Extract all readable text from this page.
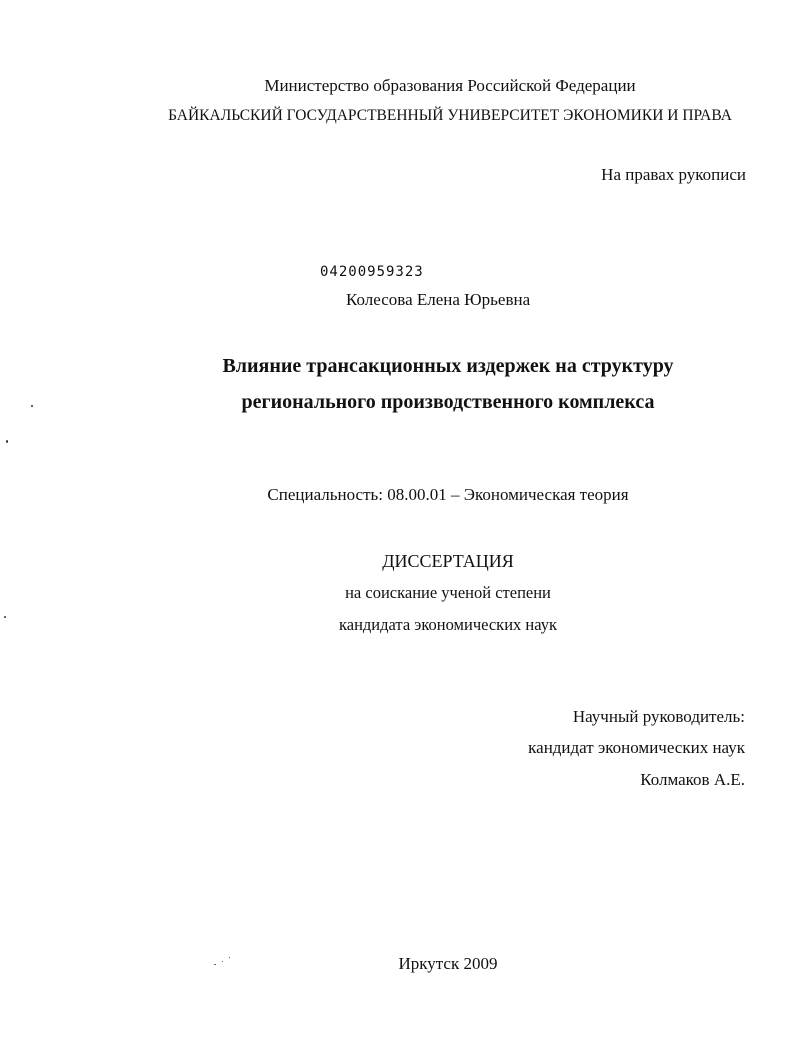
Министерство образования Российской Федерации
БАЙКАЛЬСКИЙ ГОСУДАРСТВЕННЫЙ УНИВЕРСИТЕТ ЭКОНОМИКИ И ПРАВА
На правах рукописи
04200959323
Колесова Елена Юрьевна
Влияние трансакционных издержек на структуру
регионального производственного комплекса
Специальность: 08.00.01 – Экономическая теория
ДИССЕРТАЦИЯ
на соискание ученой степени
кандидата экономических наук
Научный руководитель:
кандидат экономических наук
Колмаков А.Е.
Иркутск 2009
